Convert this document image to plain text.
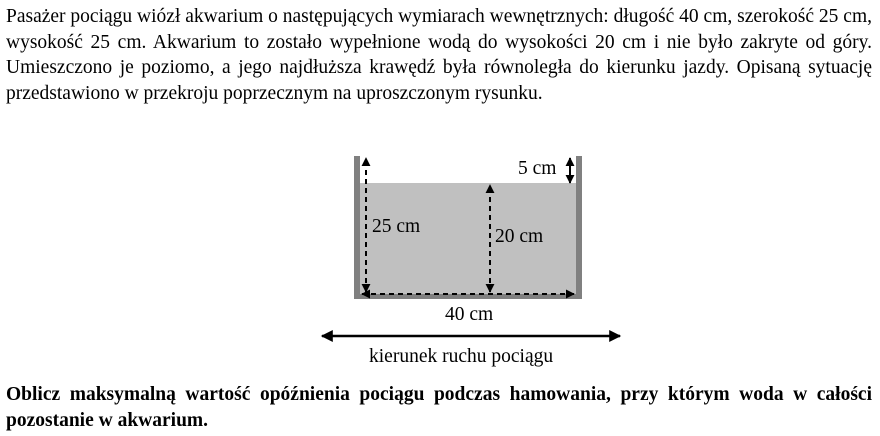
Pasażer pociągu wiózł akwarium o następujących wymiarach wewnętrznych: długość 40 cm, szerokość 25 cm, wysokość 25 cm. Akwarium to zostało wypełnione wodą do wysokości 20 cm i nie było zakryte od góry. Umieszczono je poziomo, a jego najdłuższa krawędź była równoległa do kierunku jazdy. Opisaną sytuację przedstawiono w przekroju poprzecznym na uproszczonym rysunku.

5 cm
25 cm	20 cm
40 cm
kierunek ruchu pociągu

Oblicz maksymalną wartość opóźnienia pociągu podczas hamowania, przy którym woda w całości pozostanie w akwarium.
